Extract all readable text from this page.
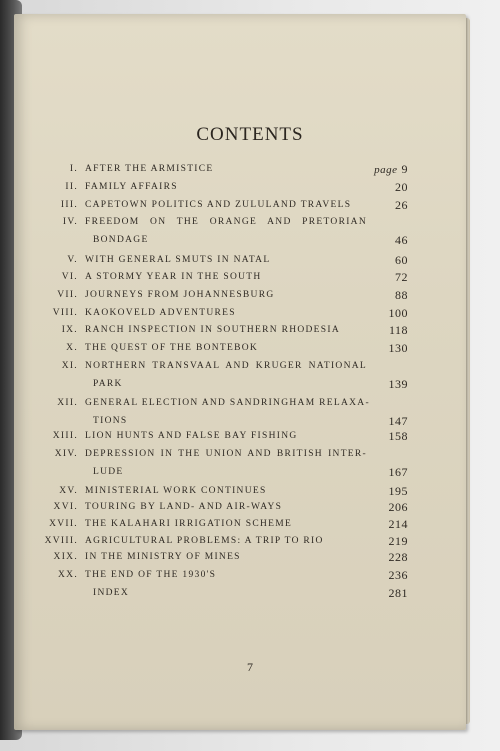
CONTENTS
I. AFTER THE ARMISTICE	page 9
II. FAMILY AFFAIRS	20
III. CAPETOWN POLITICS AND ZULULAND TRAVELS	26
IV. FREEDOM ON THE ORANGE AND PRETORIAN
BONDAGE	46
V. WITH GENERAL SMUTS IN NATAL	60
VI. A STORMY YEAR IN THE SOUTH	72
VII. JOURNEYS FROM JOHANNESBURG	88
VIII. KAOKOVELD ADVENTURES	100
IX. RANCH INSPECTION IN SOUTHERN RHODESIA	118
X. THE QUEST OF THE BONTEBOK	130
XI. NORTHERN TRANSVAAL AND KRUGER NATIONAL
PARK	139
XII. GENERAL ELECTION AND SANDRINGHAM RELAXA-
TIONS	147
XIII. LION HUNTS AND FALSE BAY FISHING	158
XIV. DEPRESSION IN THE UNION AND BRITISH INTER-
LUDE	167
XV. MINISTERIAL WORK CONTINUES	195
XVI. TOURING BY LAND- AND AIR-WAYS	206
XVII. THE KALAHARI IRRIGATION SCHEME	214
XVIII. AGRICULTURAL PROBLEMS: A TRIP TO RIO	219
XIX. IN THE MINISTRY OF MINES	228
XX. THE END OF THE 1930'S	236
INDEX	281
7
